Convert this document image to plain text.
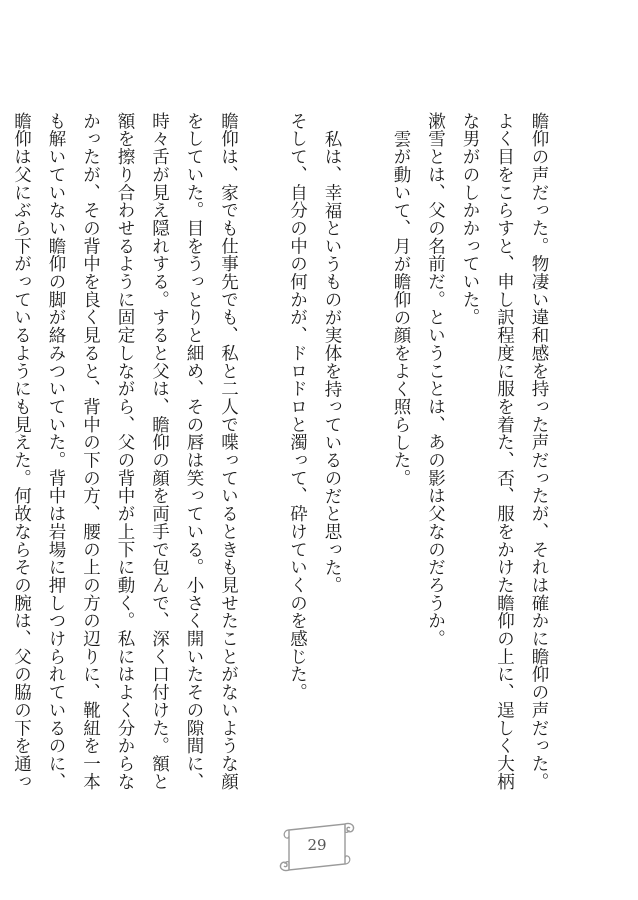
瞻仰の声だった。物凄い違和感を持った声だったが、それは確かに瞻仰の声だった。よく目をこらすと、申し訳程度に服を着た、否、服をかけた瞻仰の上に、逞しく大柄な男がのしかかっていた。

漱雪とは、父の名前だ。ということは、あの影は父なのだろうか。

雲が動いて、月が瞻仰の顔をよく照らした。

私は、幸福というものが実体を持っているのだと思った。

そして、自分の中の何かが、ドロドロと濁って、砕けていくのを感じた。

瞻仰は、家でも仕事先でも、私と二人で喋っているときも見せたことがないような顔をしていた。目をうっとりと細め、その唇は笑っている。小さく開いたその隙間に、時々舌が見え隠れする。すると父は、瞻仰の顔を両手で包んで、深く口付けた。額と額を擦り合わせるように固定しながら、父の背中が上下に動く。私にはよく分からなかったが、その背中を良く見ると、背中の下の方、腰の上の方の辺りに、靴紐を一本も解いていない瞻仰の脚が絡みついていた。背中は岩場に押しつけられているのに、瞻仰は父にぶら下がっているようにも見えた。何故ならその腕は、父の脇の下を通っ

29
